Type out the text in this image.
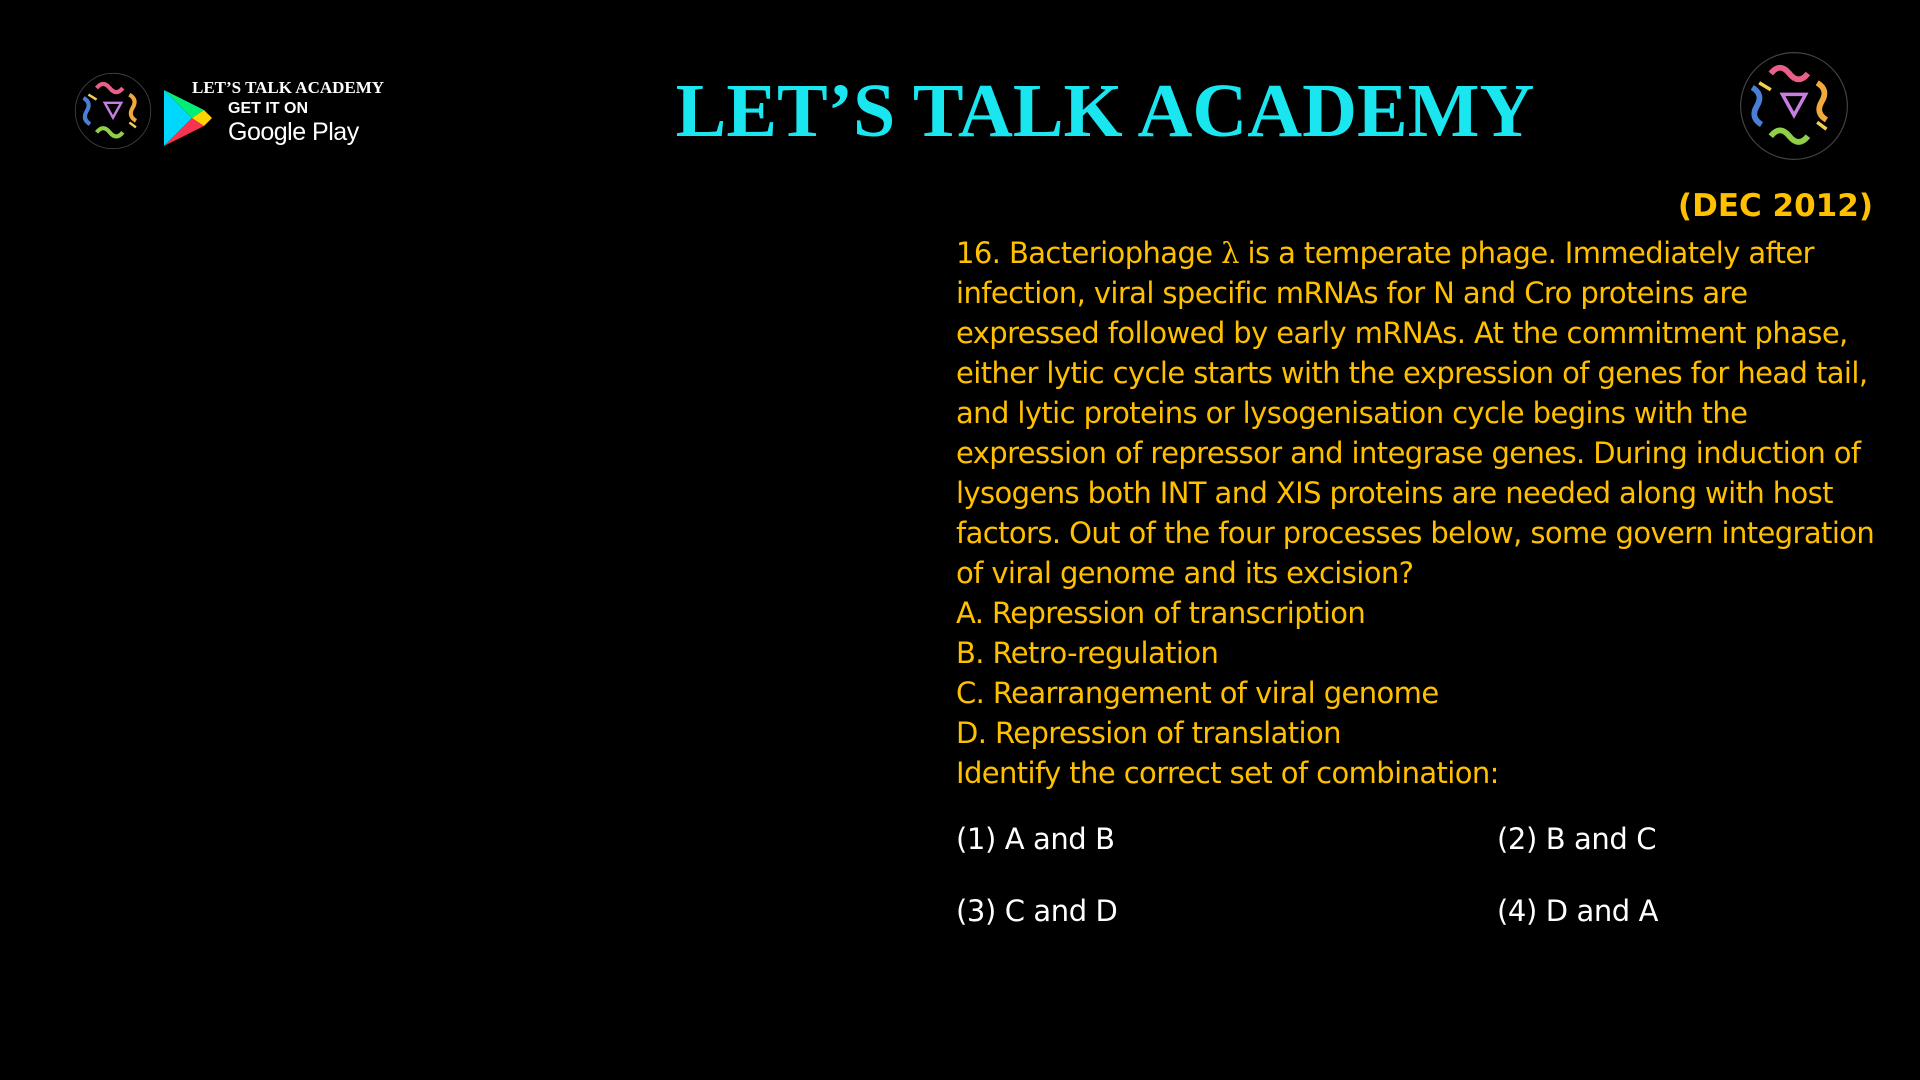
LET’S TALK ACADEMY
GET IT ON
Google Play	LET’S TALK ACADEMY
(DEC 2012)

16. Bacteriophage λ is a temperate phage. Immediately after infection, viral specific mRNAs for N and Cro proteins are expressed followed by early mRNAs. At the commitment phase, either lytic cycle starts with the expression of genes for head tail, and lytic proteins or lysogenisation cycle begins with the expression of repressor and integrase genes. During induction of lysogens both INT and XIS proteins are needed along with host factors. Out of the four processes below, some govern integration of viral genome and its excision?

A. Repression of transcription
B. Retro-regulation
C. Rearrangement of viral genome
D. Repression of translation

Identify the correct set of combination:

(1) A and B	(2) B and C
(3) C and D	(4) D and A
